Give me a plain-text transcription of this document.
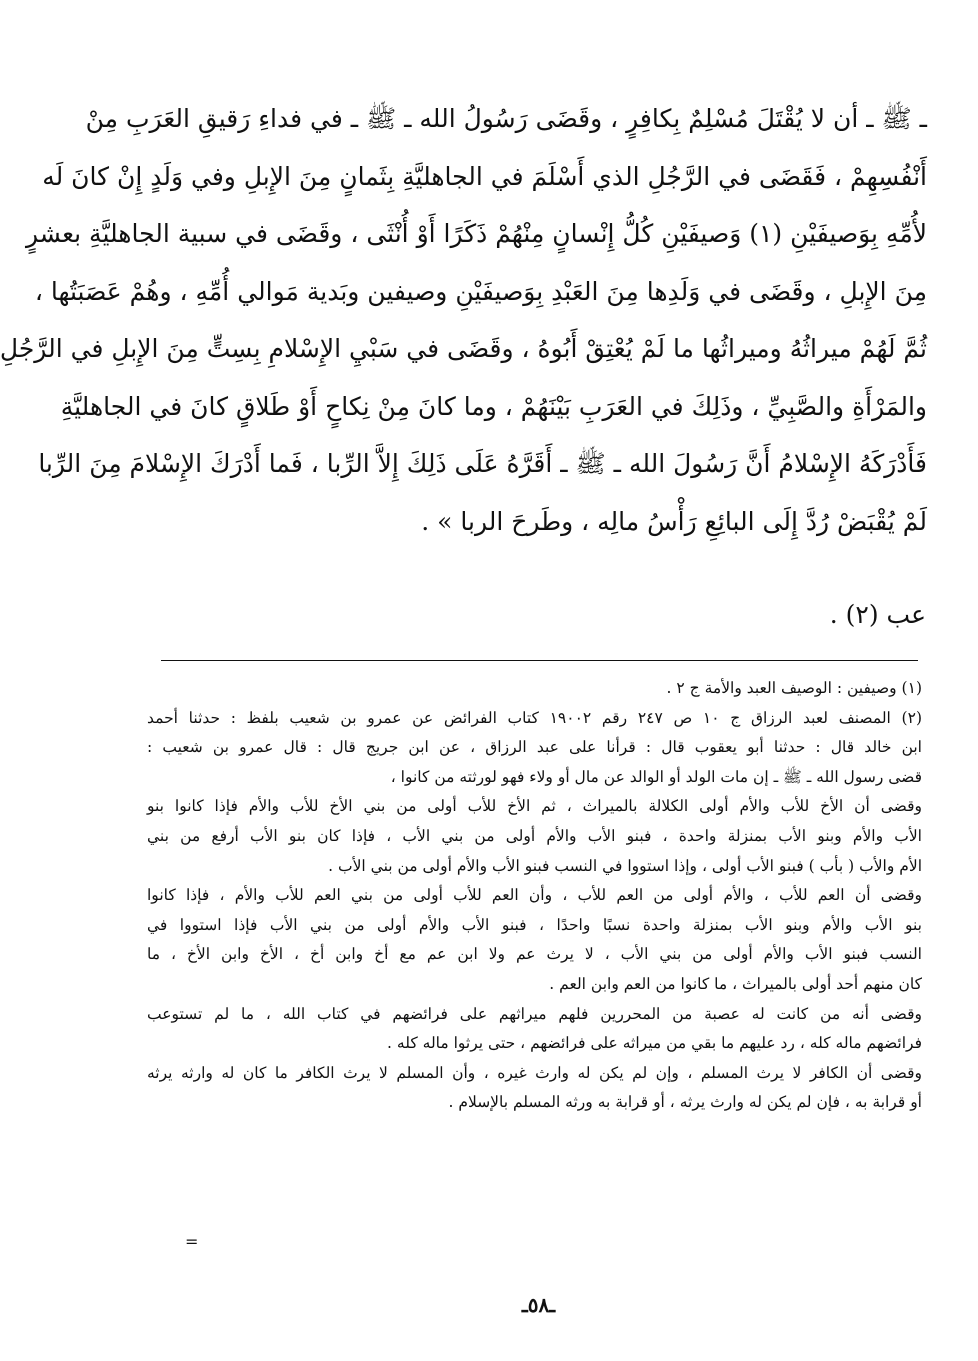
ـ ﷺ ـ أن لا يُقْتَلَ مُسْلِمٌ بِكافِرٍ ، وقَضَى رَسُولُ الله ـ ﷺ ـ في فداءِ رَقيقِ العَرَبِ مِنْ
أَنْفُسِهِمْ ، فَقَضَى في الرَّجُلِ الذي أَسْلَمَ في الجاهليَّةِ بِثَمانٍ مِنَ الإِبلِ وفي وَلَدٍ إِنْ كانَ لَه
لأُمِّهِ بِوَصيفَيْنِ (١) وَصيفَيْنِ كُلُّ إِنْسانٍ مِنْهُمْ ذَكَرًا أَوْ أُنْثَى ، وقَضَى في سبية الجاهليَّةِ بعشرٍ
مِنَ الإِبلِ ، وقَضَى في وَلَدِها مِنَ العَبْدِ بِوَصيفَيْنِ وصيفين وبَدية مَوالي أُمِّهِ ، وهُمْ عَصَبَتُها ،
ثُمَّ لَهُمْ ميراثُهُ وميراثُها ما لَمْ يُعْتِقْ أَبُوهُ ، وقَضَى في سَبْيِ الإِسْلامِ بِسِتٍّ مِنَ الإِبلِ في الرَّجُلِ
والمَرْأَةِ والصَّبِيِّ ، وذَلِكَ في العَرَبِ بَيْنَهُمْ ، وما كانَ مِنْ نِكاحٍ أَوْ طَلاقٍ كانَ في الجاهليَّةِ
فَأَدْرَكَهُ الإِسْلامُ أَنَّ رَسُولَ الله ـ ﷺ ـ أَقَرَّهُ عَلَى ذَلِكَ إِلاَّ الرِّبا ، فَما أَدْرَكَ الإِسْلامَ مِنَ الرِّبا
لَمْ يُقْبَضْ رُدَّ إِلَى البائِعِ رَأْسُ مالِه ، وطَرحَ الربا » .
عب (٢) .
(١) وصيفين : الوصيف العبد والأمة ج ٢ .
(٢) المصنف لعبد الرزاق ج ١٠ ص ٢٤٧ رقم ١٩٠٠٢ كتاب الفرائض عن عمرو بن شعيب بلفظ : حدثنا أحمد
ابن خالد قال : حدثنا أبو يعقوب قال : قرأنا على عبد الرزاق ، عن ابن جريج قال : قال عمرو بن شعيب :
قضى رسول الله ـ ﷺ ـ إن مات الولد أو الوالد عن مال أو ولاء فهو لورثته من كانوا ،
وقضى أن الأخ للأب والأم أولى الكلالة بالميراث ، ثم الأخ للأب أولى من بني الأخ للأب والأم فإذا كانوا بنو
الأب والأم وبنو الأب بمنزلة واحدة ، فبنو الأب والأم أولى من بني الأب ، فإذا كان بنو الأب أرفع من بني
الأم والأب ( بأب ) فبنو الأب أولى ، وإذا استووا في النسب فبنو الأب والأم أولى من بني الأب .
وقضى أن العم للأب ، والأم أولى من العم للأب ، وأن العم للأب أولى من بني العم للأب والأم ، فإذا كانوا
بنو الأب والأم وبنو الأب بمنزلة واحدة نسبًا واحدًا ، فبنو الأب والأم أولى من بني الأب فإذا استووا في
النسب فبنو الأب والأم أولى من بني الأب ، لا يرث عم ولا ابن عم مع أخ وابن أخ ، الأخ وابن الأخ ، ما
كان منهم أحد أولى بالميراث ، ما كانوا من العم وابن العم .
وقضى أنه من كانت له عصبة من المحررين فلهم ميراثهم على فرائضهم في كتاب الله ، ما لم تستوعب
فرائضهم ماله كله ، رد عليهم ما بقي من ميراثه على فرائضهم ، حتى يرثوا ماله كله .
وقضى أن الكافر لا يرث المسلم ، وإن لم يكن له وارث غيره ، وأن المسلم لا يرث الكافر ما كان له وارثه يرثه
أو قرابة به ، فإن لم يكن له وارث يرثه ، أو قرابة به ورثه المسلم بالإسلام .
=
ـ٥٨ـ
